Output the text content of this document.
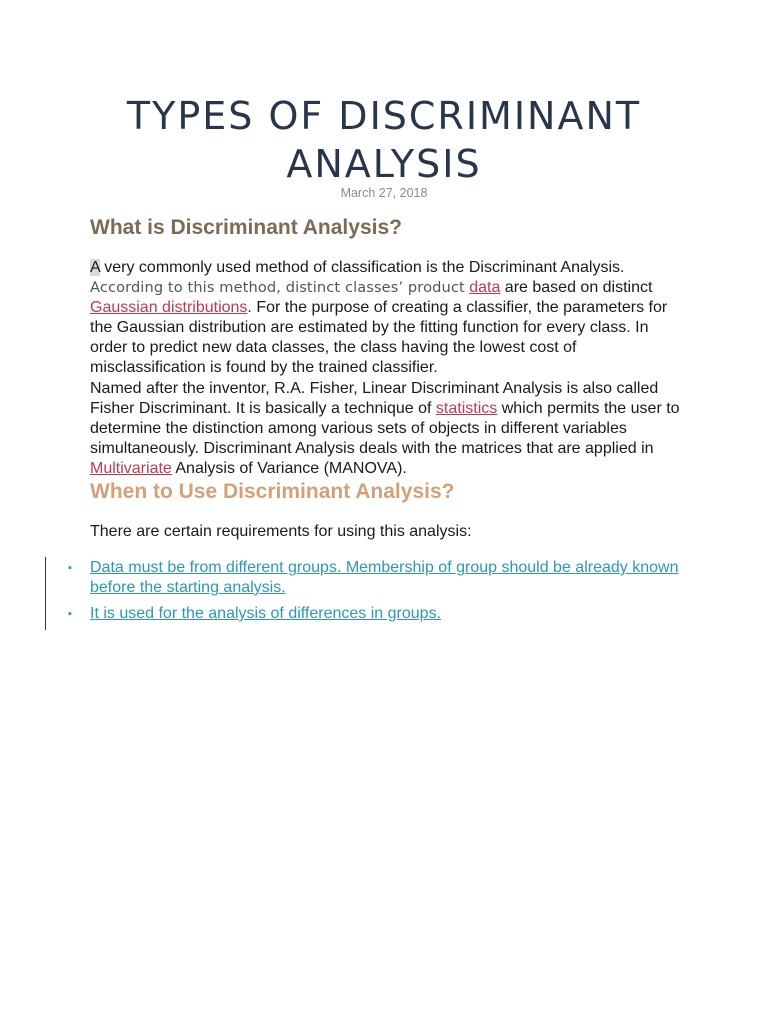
TYPES OF DISCRIMINANT
ANALYSIS
March 27, 2018
What is Discriminant Analysis?

A very commonly used method of classification is the Discriminant Analysis.
According to this method, distinct classes’ product data are based on distinct Gaussian distributions. For the purpose of creating a classifier, the parameters for the Gaussian distribution are estimated by the fitting function for every class. In order to predict new data classes, the class having the lowest cost of misclassification is found by the trained classifier.
Named after the inventor, R.A. Fisher, Linear Discriminant Analysis is also called Fisher Discriminant. It is basically a technique of statistics which permits the user to determine the distinction among various sets of objects in different variables simultaneously. Discriminant Analysis deals with the matrices that are applied in Multivariate Analysis of Variance (MANOVA).

When to Use Discriminant Analysis?

There are certain requirements for using this analysis:

▪ Data must be from different groups. Membership of group should be already known before the starting analysis.
▪ It is used for the analysis of differences in groups.
